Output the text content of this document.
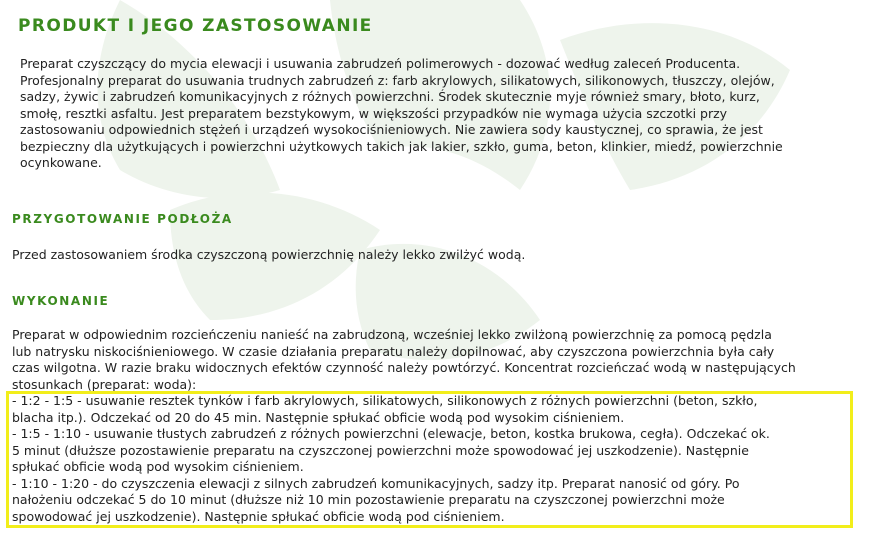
PRODUKT I JEGO ZASTOSOWANIE
Preparat czyszczący do mycia elewacji i usuwania zabrudzeń polimerowych - dozować według zaleceń Producenta.
Profesjonalny preparat do usuwania trudnych zabrudzeń z: farb akrylowych, silikatowych, silikonowych, tłuszczy, olejów,
sadzy, żywic i zabrudzeń komunikacyjnych z różnych powierzchni. Środek skutecznie myje również smary, błoto, kurz,
smołę, resztki asfaltu. Jest preparatem bezstykowym, w większości przypadków nie wymaga użycia szczotki przy
zastosowaniu odpowiednich stężeń i urządzeń wysokociśnieniowych. Nie zawiera sody kaustycznej, co sprawia, że jest
bezpieczny dla użytkujących i powierzchni użytkowych takich jak lakier, szkło, guma, beton, klinkier, miedź, powierzchnie
ocynkowane.
PRZYGOTOWANIE PODŁOŻA
Przed zastosowaniem środka czyszczoną powierzchnię należy lekko zwilżyć wodą.
WYKONANIE
Preparat w odpowiednim rozcieńczeniu nanieść na zabrudzoną, wcześniej lekko zwilżoną powierzchnię za pomocą pędzla
lub natrysku niskociśnieniowego. W czasie działania preparatu należy dopilnować, aby czyszczona powierzchnia była cały
czas wilgotna. W razie braku widocznych efektów czynność należy powtórzyć. Koncentrat rozcieńczać wodą w następujących
stosunkach (preparat: woda):
- 1:2 - 1:5 - usuwanie resztek tynków i farb akrylowych, silikatowych, silikonowych z różnych powierzchni (beton, szkło,
blacha itp.). Odczekać od 20 do 45 min. Następnie spłukać obficie wodą pod wysokim ciśnieniem.
- 1:5 - 1:10 - usuwanie tłustych zabrudzeń z różnych powierzchni (elewacje, beton, kostka brukowa, cegła). Odczekać ok.
5 minut (dłuższe pozostawienie preparatu na czyszczonej powierzchni może spowodować jej uszkodzenie). Następnie
spłukać obficie wodą pod wysokim ciśnieniem.
- 1:10 - 1:20 - do czyszczenia elewacji z silnych zabrudzeń komunikacyjnych, sadzy itp. Preparat nanosić od góry. Po
nałożeniu odczekać 5 do 10 minut (dłuższe niż 10 min pozostawienie preparatu na czyszczonej powierzchni może
spowodować jej uszkodzenie). Następnie spłukać obficie wodą pod ciśnieniem.
